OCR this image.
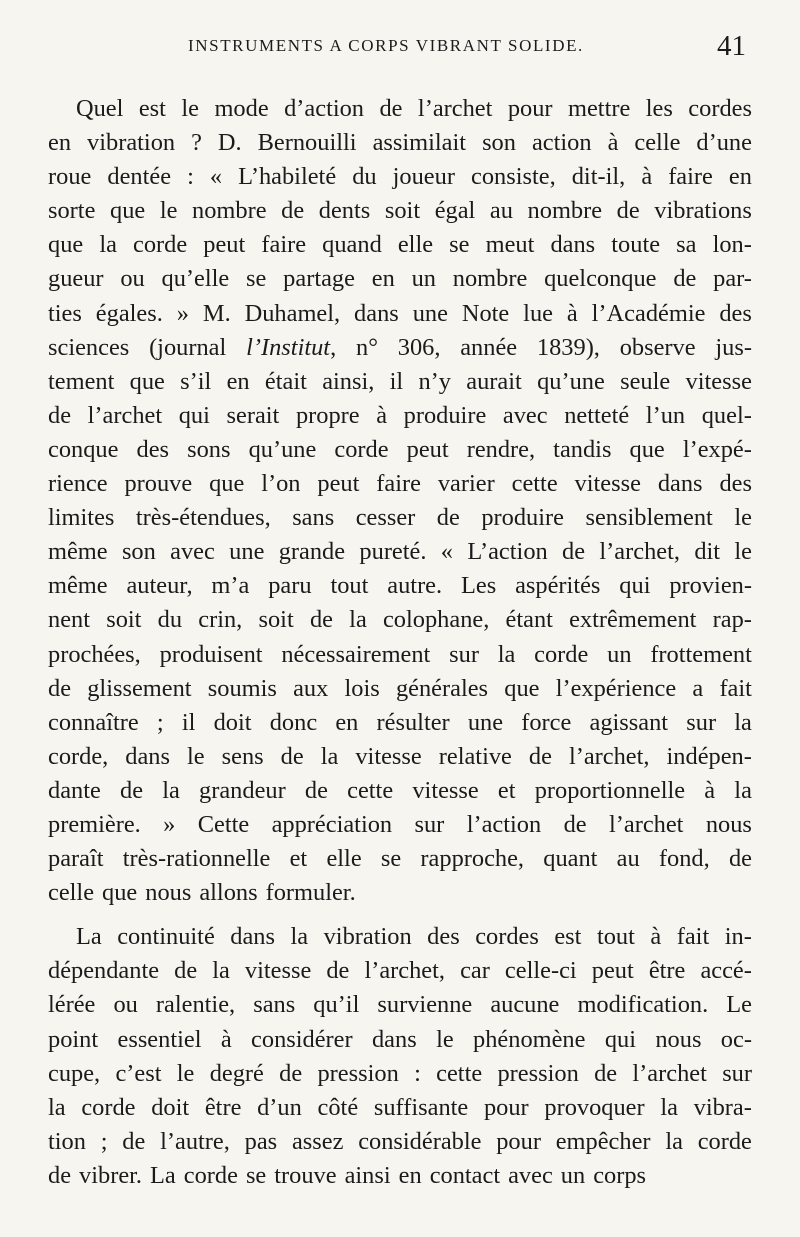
INSTRUMENTS A CORPS VIBRANT SOLIDE.	41
Quel est le mode d’action de l’archet pour mettre les cordes
en vibration ? D. Bernouilli assimilait son action à celle d’une
roue dentée : « L’habileté du joueur consiste, dit-il, à faire en
sorte que le nombre de dents soit égal au nombre de vibrations
que la corde peut faire quand elle se meut dans toute sa lon-
gueur ou qu’elle se partage en un nombre quelconque de par-
ties égales. » M. Duhamel, dans une Note lue à l’Académie des
sciences (journal l’Institut, n° 306, année 1839), observe jus-
tement que s’il en était ainsi, il n’y aurait qu’une seule vitesse
de l’archet qui serait propre à produire avec netteté l’un quel-
conque des sons qu’une corde peut rendre, tandis que l’expé-
rience prouve que l’on peut faire varier cette vitesse dans des
limites très-étendues, sans cesser de produire sensiblement le
même son avec une grande pureté. « L’action de l’archet, dit le
même auteur, m’a paru tout autre. Les aspérités qui provien-
nent soit du crin, soit de la colophane, étant extrêmement rap-
prochées, produisent nécessairement sur la corde un frottement
de glissement soumis aux lois générales que l’expérience a fait
connaître ; il doit donc en résulter une force agissant sur la
corde, dans le sens de la vitesse relative de l’archet, indépen-
dante de la grandeur de cette vitesse et proportionnelle à la
première. » Cette appréciation sur l’action de l’archet nous
paraît très-rationnelle et elle se rapproche, quant au fond, de
celle que nous allons formuler.
La continuité dans la vibration des cordes est tout à fait in-
dépendante de la vitesse de l’archet, car celle-ci peut être accé-
lérée ou ralentie, sans qu’il survienne aucune modification. Le
point essentiel à considérer dans le phénomène qui nous oc-
cupe, c’est le degré de pression : cette pression de l’archet sur
la corde doit être d’un côté suffisante pour provoquer la vibra-
tion ; de l’autre, pas assez considérable pour empêcher la corde
de vibrer. La corde se trouve ainsi en contact avec un corps
